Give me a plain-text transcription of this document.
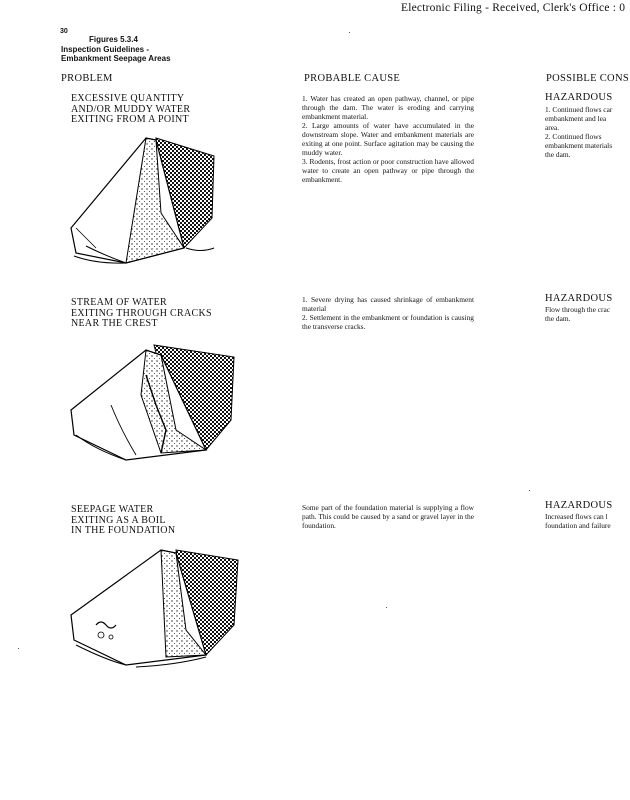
Electronic Filing - Received, Clerk's Office : 0
30
Figures 5.3.4
Inspection Guidelines -
Embankment Seepage Areas
PROBLEM	PROBABLE CAUSE	POSSIBLE CONS
EXCESSIVE QUANTITY
AND/OR MUDDY WATER
EXITING FROM A POINT
1. Water has created an open pathway, channel, or pipe through the dam. The water is eroding and carrying embankment material.
2. Large amounts of water have accumulated in the downstream slope. Water and embankment materials are exiting at one point. Surface agitation may be causing the muddy water.
3. Rodents, frost action or poor construction have allowed water to create an open pathway or pipe through the embankment.
HAZARDOUS
1. Continued flows car
embankment and lea
area.
2. Continued flows
embankment materials
the dam.
STREAM OF WATER
EXITING THROUGH CRACKS
NEAR THE CREST
1. Severe drying has caused shrinkage of embankment material
2. Settlement in the embankment or foundation is causing the transverse cracks.
HAZARDOUS
Flow through the crac
the dam.
SEEPAGE WATER
EXITING AS A BOIL
IN THE FOUNDATION
Some part of the foundation material is supplying a flow path. This could be caused by a sand or gravel layer in the foundation.
HAZARDOUS
Increased flows can l
foundation and failure
